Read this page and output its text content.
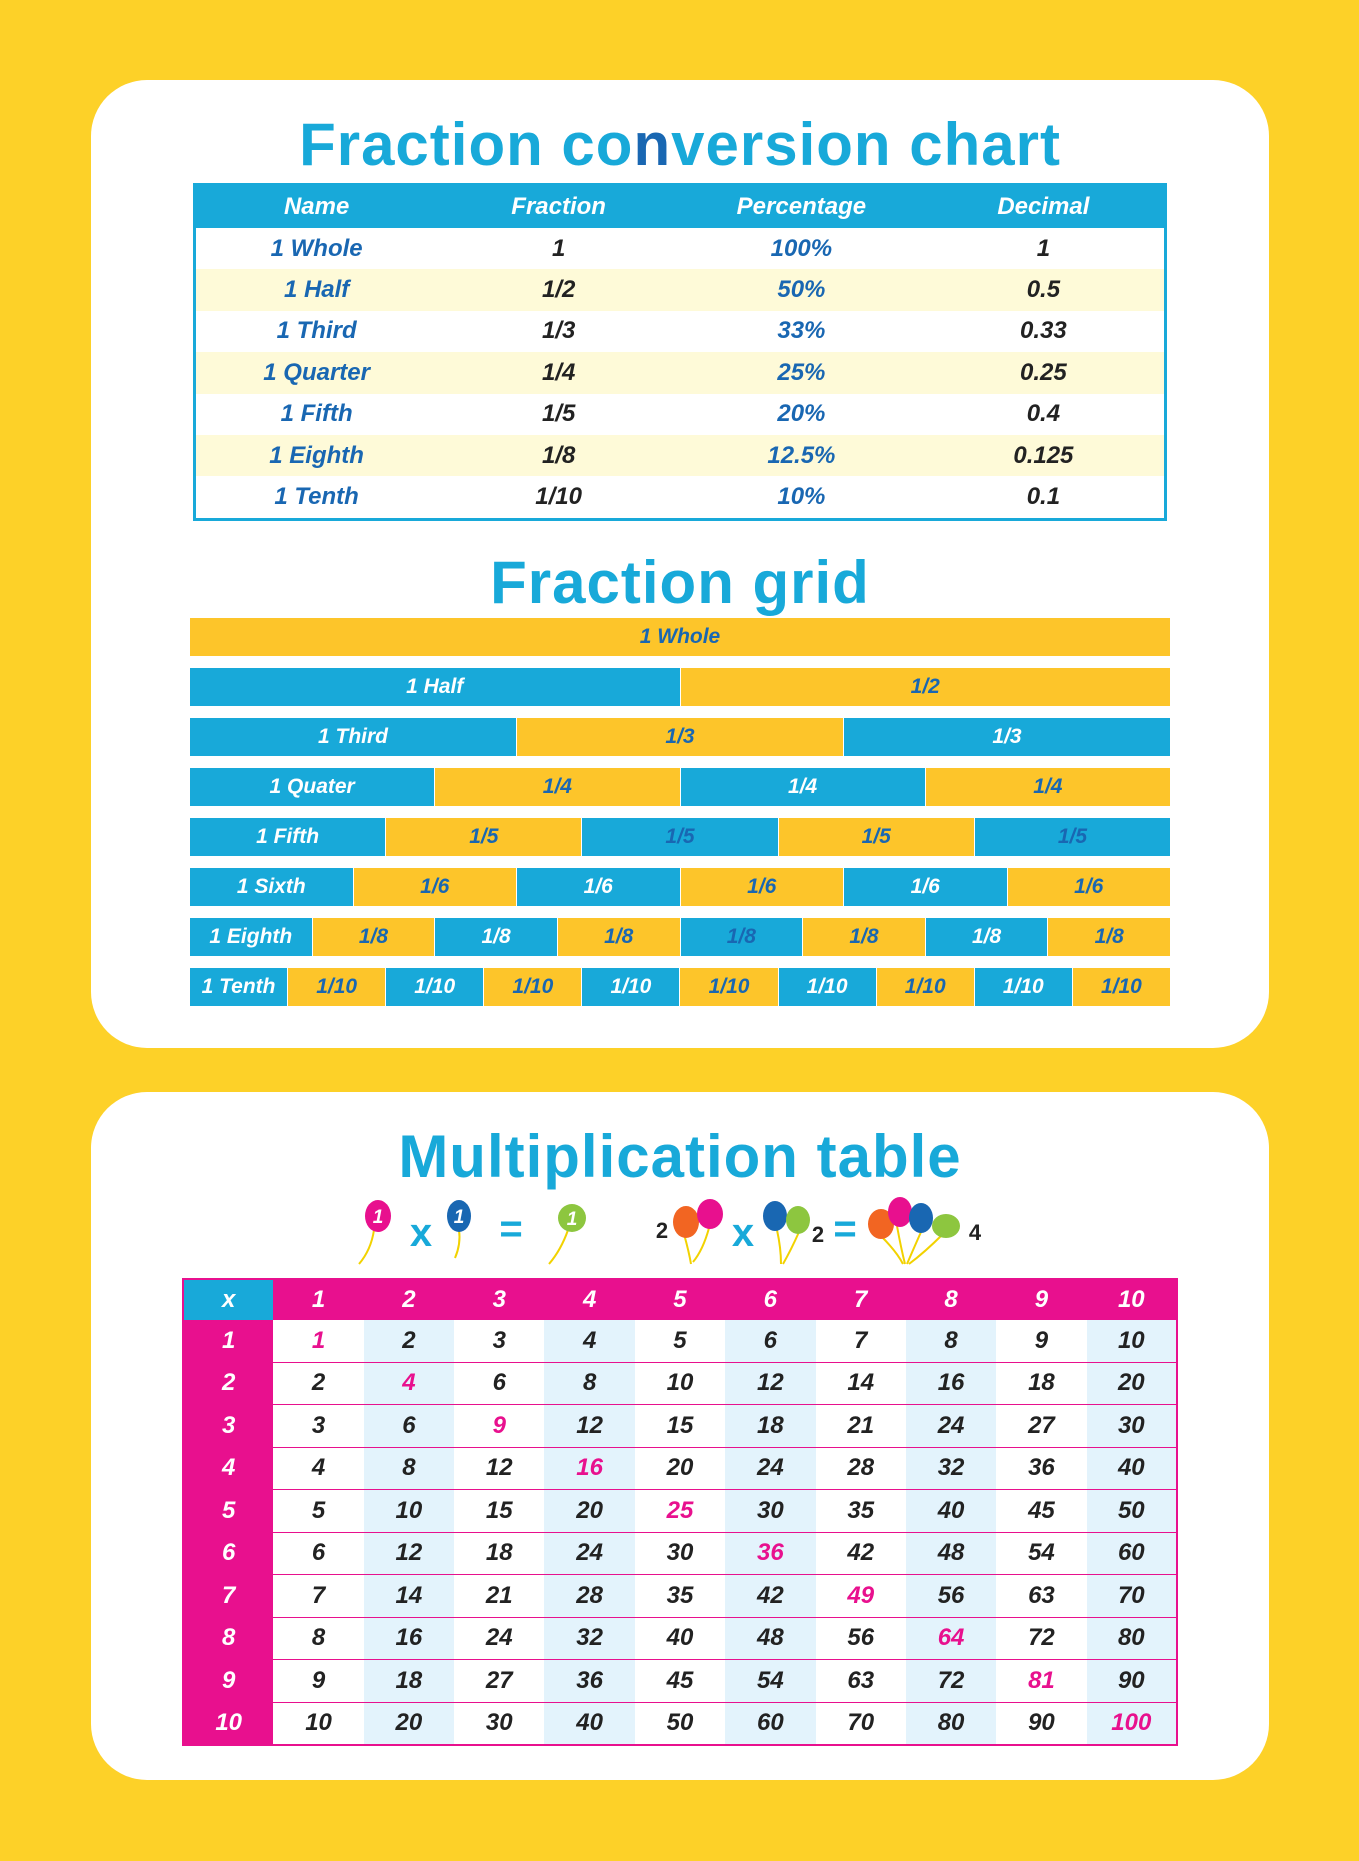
Fraction conversion chart
Name	Fraction	Percentage	Decimal
1 Whole	1	100%	1
1 Half	1/2	50%	0.5
1 Third	1/3	33%	0.33
1 Quarter	1/4	25%	0.25
1 Fifth	1/5	20%	0.4
1 Eighth	1/8	12.5%	0.125
1 Tenth	1/10	10%	0.1
Fraction grid
1 Whole
1 Half	1/2
1 Third	1/3	1/3
1 Quater	1/4	1/4	1/4
1 Fifth	1/5	1/5	1/5	1/5
1 Sixth	1/6	1/6	1/6	1/6	1/6
1 Eighth	1/8	1/8	1/8	1/8	1/8	1/8	1/8
1 Tenth	1/10	1/10	1/10	1/10	1/10	1/10	1/10	1/10	1/10
Multiplication table
1 x 1 = 1	2 x	2 =	4
x	1	2	3	4	5	6	7	8	9	10
1	1	2	3	4	5	6	7	8	9	10
2	2	4	6	8	10	12	14	16	18	20
3	3	6	9	12	15	18	21	24	27	30
4	4	8	12	16	20	24	28	32	36	40
5	5	10	15	20	25	30	35	40	45	50
6	6	12	18	24	30	36	42	48	54	60
7	7	14	21	28	35	42	49	56	63	70
8	8	16	24	32	40	48	56	64	72	80
9	9	18	27	36	45	54	63	72	81	90
10	10	20	30	40	50	60	70	80	90	100
